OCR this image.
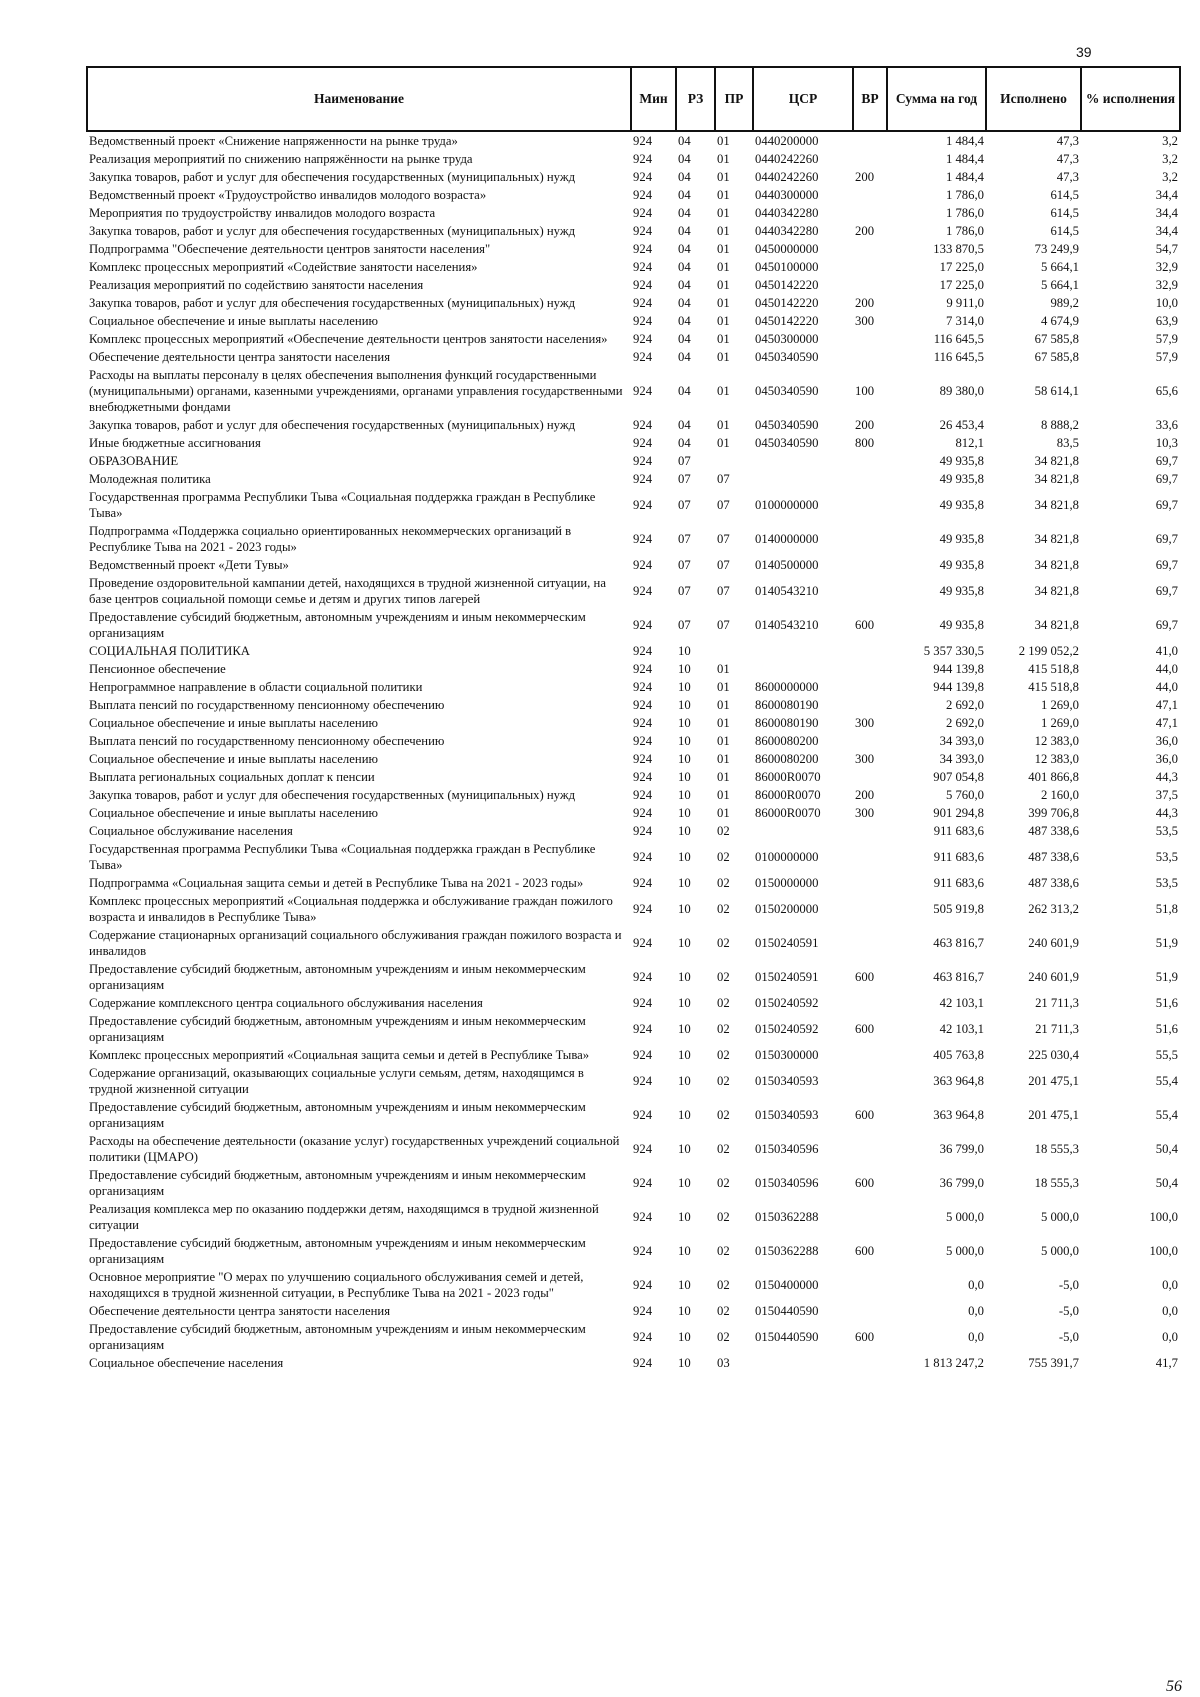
39
Наименование	Мин	РЗ	ПР	ЦСР	ВР	Сумма на год	Исполнено	% исполнения
Ведомственный проект «Снижение напряженности на рынке труда»	924	04	01	0440200000		1 484,4	47,3	3,2
Реализация мероприятий по снижению напряжённости на рынке труда	924	04	01	0440242260		1 484,4	47,3	3,2
Закупка товаров, работ и услуг для обеспечения государственных (муниципальных) нужд	924	04	01	0440242260	200	1 484,4	47,3	3,2
Ведомственный проект «Трудоустройство инвалидов молодого возраста»	924	04	01	0440300000		1 786,0	614,5	34,4
Мероприятия по трудоустройству инвалидов молодого возраста	924	04	01	0440342280		1 786,0	614,5	34,4
Закупка товаров, работ и услуг для обеспечения государственных (муниципальных) нужд	924	04	01	0440342280	200	1 786,0	614,5	34,4
Подпрограмма "Обеспечение деятельности центров занятости населения"	924	04	01	0450000000		133 870,5	73 249,9	54,7
Комплекс процессных мероприятий «Содействие занятости населения»	924	04	01	0450100000		17 225,0	5 664,1	32,9
Реализация мероприятий по содействию занятости населения	924	04	01	0450142220		17 225,0	5 664,1	32,9
Закупка товаров, работ и услуг для обеспечения государственных (муниципальных) нужд	924	04	01	0450142220	200	9 911,0	989,2	10,0
Социальное обеспечение и иные выплаты населению	924	04	01	0450142220	300	7 314,0	4 674,9	63,9
Комплекс процессных мероприятий «Обеспечение деятельности центров занятости населения»	924	04	01	0450300000		116 645,5	67 585,8	57,9
Обеспечение деятельности центра занятости населения	924	04	01	0450340590		116 645,5	67 585,8	57,9
Расходы на выплаты персоналу в целях обеспечения выполнения функций государственными (муниципальными) органами, казенными учреждениями, органами управления государственными внебюджетными фондами	924	04	01	0450340590	100	89 380,0	58 614,1	65,6
Закупка товаров, работ и услуг для обеспечения государственных (муниципальных) нужд	924	04	01	0450340590	200	26 453,4	8 888,2	33,6
Иные бюджетные ассигнования	924	04	01	0450340590	800	812,1	83,5	10,3
ОБРАЗОВАНИЕ	924	07				49 935,8	34 821,8	69,7
Молодежная политика	924	07	07			49 935,8	34 821,8	69,7
Государственная программа Республики Тыва «Социальная поддержка граждан в Республике Тыва»	924	07	07	0100000000		49 935,8	34 821,8	69,7
Подпрограмма «Поддержка социально ориентированных некоммерческих организаций в Республике Тыва на 2021 - 2023 годы»	924	07	07	0140000000		49 935,8	34 821,8	69,7
Ведомственный проект «Дети Тувы»	924	07	07	0140500000		49 935,8	34 821,8	69,7
Проведение оздоровительной кампании детей, находящихся в трудной жизненной ситуации, на базе центров социальной помощи семье и детям и других типов лагерей	924	07	07	0140543210		49 935,8	34 821,8	69,7
Предоставление субсидий бюджетным, автономным учреждениям и иным некоммерческим организациям	924	07	07	0140543210	600	49 935,8	34 821,8	69,7
СОЦИАЛЬНАЯ ПОЛИТИКА	924	10				5 357 330,5	2 199 052,2	41,0
Пенсионное обеспечение	924	10	01			944 139,8	415 518,8	44,0
Непрограммное направление в области социальной политики	924	10	01	8600000000		944 139,8	415 518,8	44,0
Выплата пенсий по государственному пенсионному обеспечению	924	10	01	8600080190		2 692,0	1 269,0	47,1
Социальное обеспечение и иные выплаты населению	924	10	01	8600080190	300	2 692,0	1 269,0	47,1
Выплата пенсий по государственному пенсионному обеспечению	924	10	01	8600080200		34 393,0	12 383,0	36,0
Социальное обеспечение и иные выплаты населению	924	10	01	8600080200	300	34 393,0	12 383,0	36,0
Выплата региональных социальных доплат к пенсии	924	10	01	86000R0070		907 054,8	401 866,8	44,3
Закупка товаров, работ и услуг для обеспечения государственных (муниципальных) нужд	924	10	01	86000R0070	200	5 760,0	2 160,0	37,5
Социальное обеспечение и иные выплаты населению	924	10	01	86000R0070	300	901 294,8	399 706,8	44,3
Социальное обслуживание населения	924	10	02			911 683,6	487 338,6	53,5
Государственная программа Республики Тыва «Социальная поддержка граждан в Республике Тыва»	924	10	02	0100000000		911 683,6	487 338,6	53,5
Подпрограмма «Социальная защита семьи и детей в Республике Тыва на 2021 - 2023 годы»	924	10	02	0150000000		911 683,6	487 338,6	53,5
Комплекс процессных мероприятий «Социальная поддержка и обслуживание граждан пожилого возраста и инвалидов в Республике Тыва»	924	10	02	0150200000		505 919,8	262 313,2	51,8
Содержание стационарных организаций социального обслуживания граждан пожилого возраста и инвалидов	924	10	02	0150240591		463 816,7	240 601,9	51,9
Предоставление субсидий бюджетным, автономным учреждениям и иным некоммерческим организациям	924	10	02	0150240591	600	463 816,7	240 601,9	51,9
Содержание комплексного центра социального обслуживания населения	924	10	02	0150240592		42 103,1	21 711,3	51,6
Предоставление субсидий бюджетным, автономным учреждениям и иным некоммерческим организациям	924	10	02	0150240592	600	42 103,1	21 711,3	51,6
Комплекс процессных мероприятий «Социальная защита семьи и детей в Республике Тыва»	924	10	02	0150300000		405 763,8	225 030,4	55,5
Содержание организаций, оказывающих социальные услуги семьям, детям, находящимся в трудной жизненной ситуации	924	10	02	0150340593		363 964,8	201 475,1	55,4
Предоставление субсидий бюджетным, автономным учреждениям и иным некоммерческим организациям	924	10	02	0150340593	600	363 964,8	201 475,1	55,4
Расходы на обеспечение деятельности (оказание услуг) государственных учреждений социальной политики (ЦМАРО)	924	10	02	0150340596		36 799,0	18 555,3	50,4
Предоставление субсидий бюджетным, автономным учреждениям и иным некоммерческим организациям	924	10	02	0150340596	600	36 799,0	18 555,3	50,4
Реализация комплекса мер по оказанию поддержки детям, находящимся в трудной жизненной ситуации	924	10	02	0150362288		5 000,0	5 000,0	100,0
Предоставление субсидий бюджетным, автономным учреждениям и иным некоммерческим организациям	924	10	02	0150362288	600	5 000,0	5 000,0	100,0
Основное мероприятие "О мерах по улучшению социального обслуживания семей и детей, находящихся в трудной жизненной ситуации, в Республике Тыва на 2021 - 2023 годы"	924	10	02	0150400000		0,0	-5,0	0,0
Обеспечение деятельности центра занятости населения	924	10	02	0150440590		0,0	-5,0	0,0
Предоставление субсидий бюджетным, автономным учреждениям и иным некоммерческим организациям	924	10	02	0150440590	600	0,0	-5,0	0,0
Социальное обеспечение населения	924	10	03			1 813 247,2	755 391,7	41,7
56
